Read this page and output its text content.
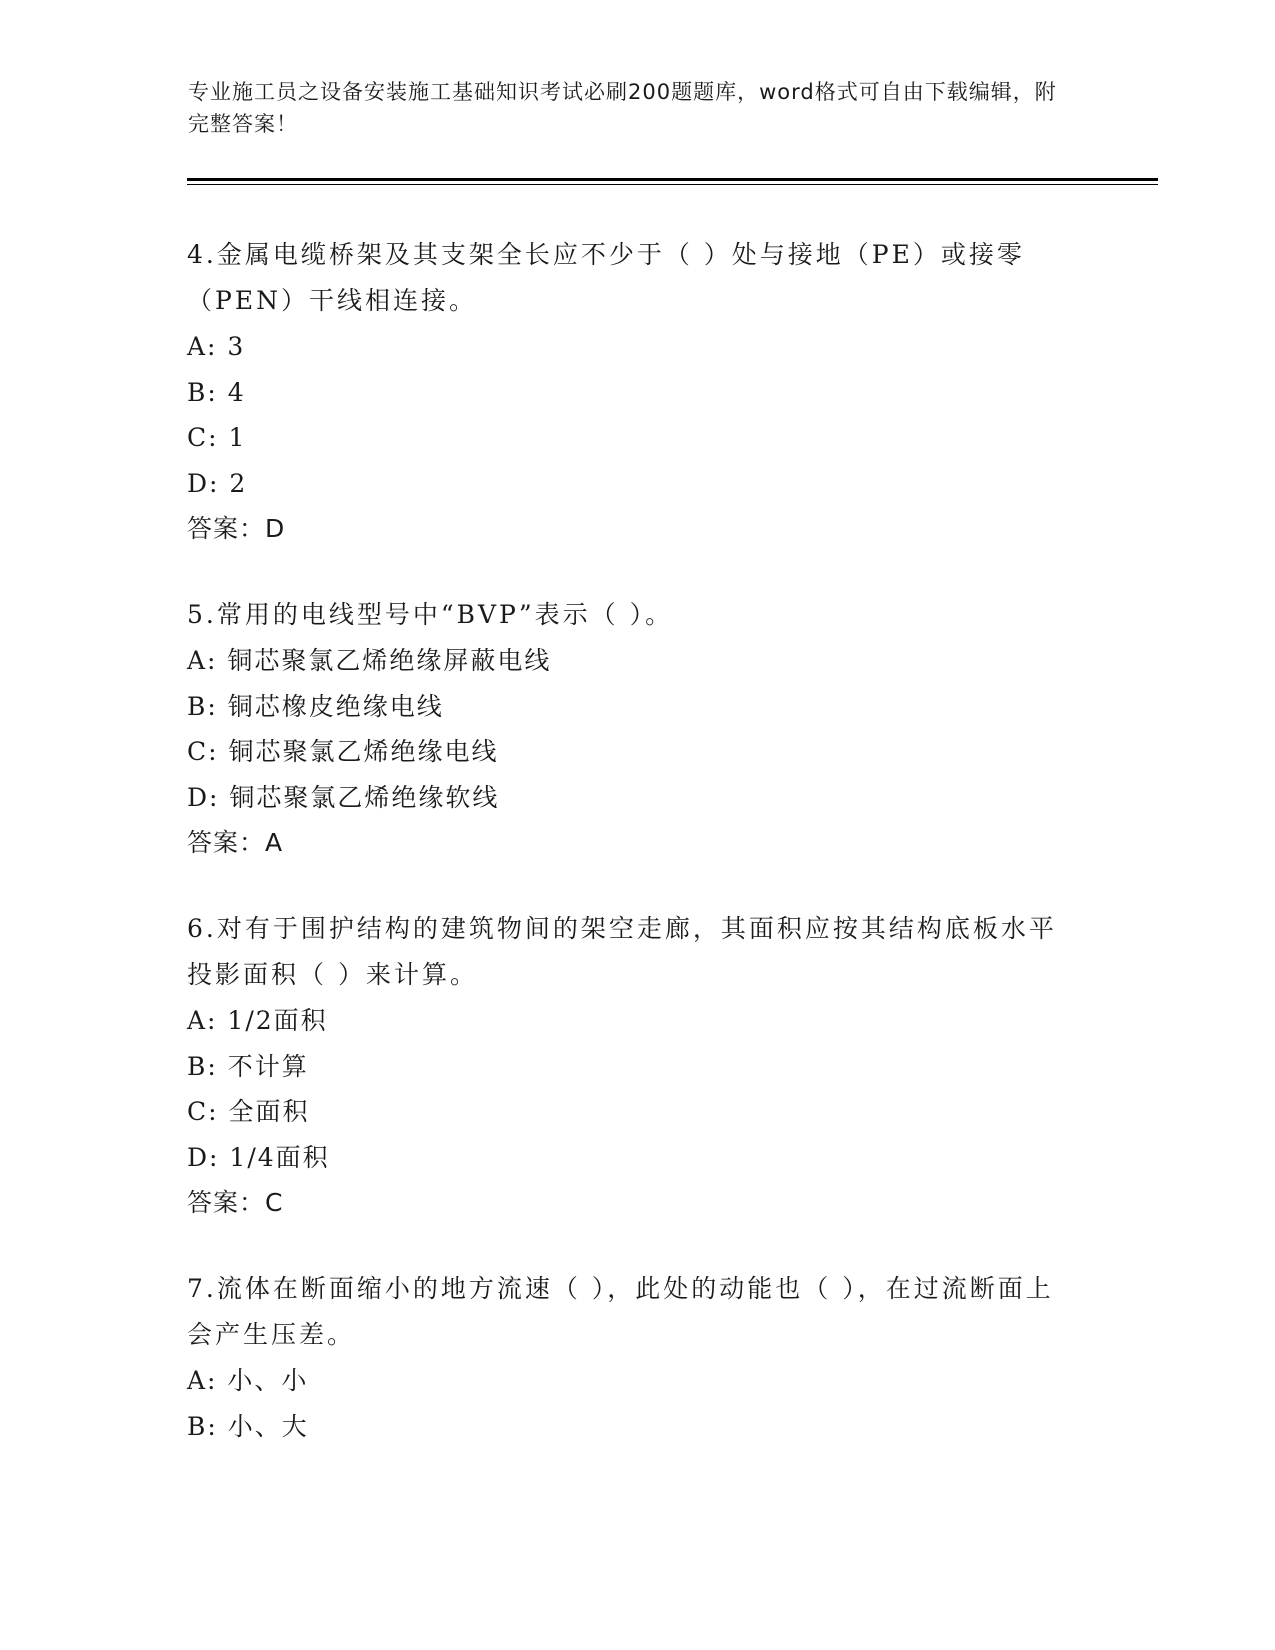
专业施工员之设备安装施工基础知识考试必刷200题题库，word格式可自由下载编辑，附完整答案！
4.金属电缆桥架及其支架全长应不少于（ ）处与接地（PE）或接零（PEN）干线相连接。
A: 3
B: 4
C: 1
D: 2
答案：D
5.常用的电线型号中“BVP”表示（ ）。
A: 铜芯聚氯乙烯绝缘屏蔽电线
B: 铜芯橡皮绝缘电线
C: 铜芯聚氯乙烯绝缘电线
D: 铜芯聚氯乙烯绝缘软线
答案：A
6.对有于围护结构的建筑物间的架空走廊，其面积应按其结构底板水平投影面积（ ）来计算。
A: 1/2面积
B: 不计算
C: 全面积
D: 1/4面积
答案：C
7.流体在断面缩小的地方流速（ ），此处的动能也（ ），在过流断面上会产生压差。
A: 小、小
B: 小、大
